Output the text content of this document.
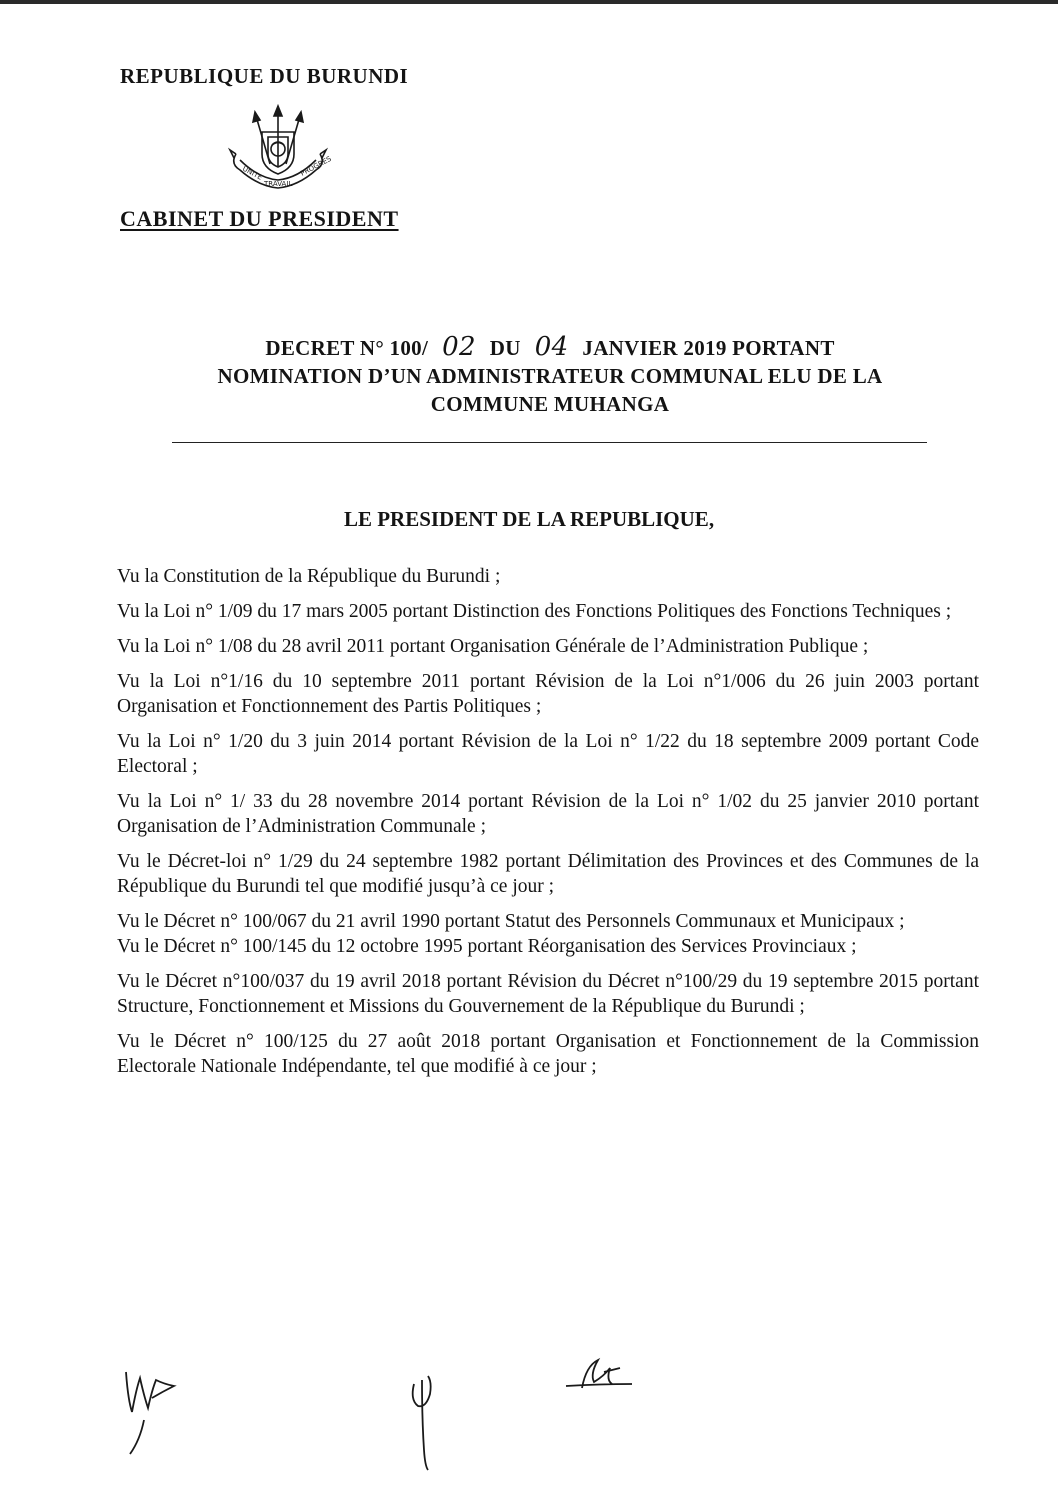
REPUBLIQUE DU BURUNDI
UNITE
TRAVAIL
PROGRES
CABINET DU PRESIDENT
DECRET N° 100/ 02 DU 04 JANVIER 2019 PORTANT
NOMINATION D’UN ADMINISTRATEUR COMMUNAL ELU DE LA
COMMUNE MUHANGA
LE PRESIDENT DE LA REPUBLIQUE,

Vu la Constitution de la République du Burundi ;

Vu la Loi n° 1/09 du 17 mars 2005 portant Distinction des Fonctions Politiques des Fonctions Techniques ;

Vu la Loi n° 1/08 du 28 avril 2011 portant Organisation Générale de l’Administration Publique ;

Vu la Loi n°1/16 du 10 septembre 2011 portant Révision de la Loi n°1/006 du 26 juin 2003 portant Organisation et Fonctionnement des Partis Politiques ;

Vu la Loi n° 1/20 du 3 juin 2014 portant Révision de la Loi n° 1/22 du 18 septembre 2009 portant Code Electoral ;

Vu la Loi n° 1/ 33 du 28 novembre 2014 portant Révision de la Loi n° 1/02 du 25 janvier 2010 portant Organisation de l’Administration Communale ;

Vu le Décret-loi n° 1/29 du 24 septembre 1982 portant Délimitation des Provinces et des Communes de la République du Burundi tel que modifié jusqu’à ce jour ;

Vu le Décret n° 100/067 du 21 avril 1990 portant Statut des Personnels Communaux et Municipaux ;

Vu le Décret n° 100/145 du 12 octobre 1995 portant Réorganisation des Services Provinciaux ;

Vu le Décret n°100/037 du 19 avril 2018 portant Révision du Décret n°100/29 du 19 septembre 2015 portant Structure, Fonctionnement et Missions du Gouvernement de la République du Burundi ;

Vu le Décret n° 100/125 du 27 août 2018 portant Organisation et Fonctionnement de la Commission Electorale Nationale Indépendante, tel que modifié à ce jour ;
